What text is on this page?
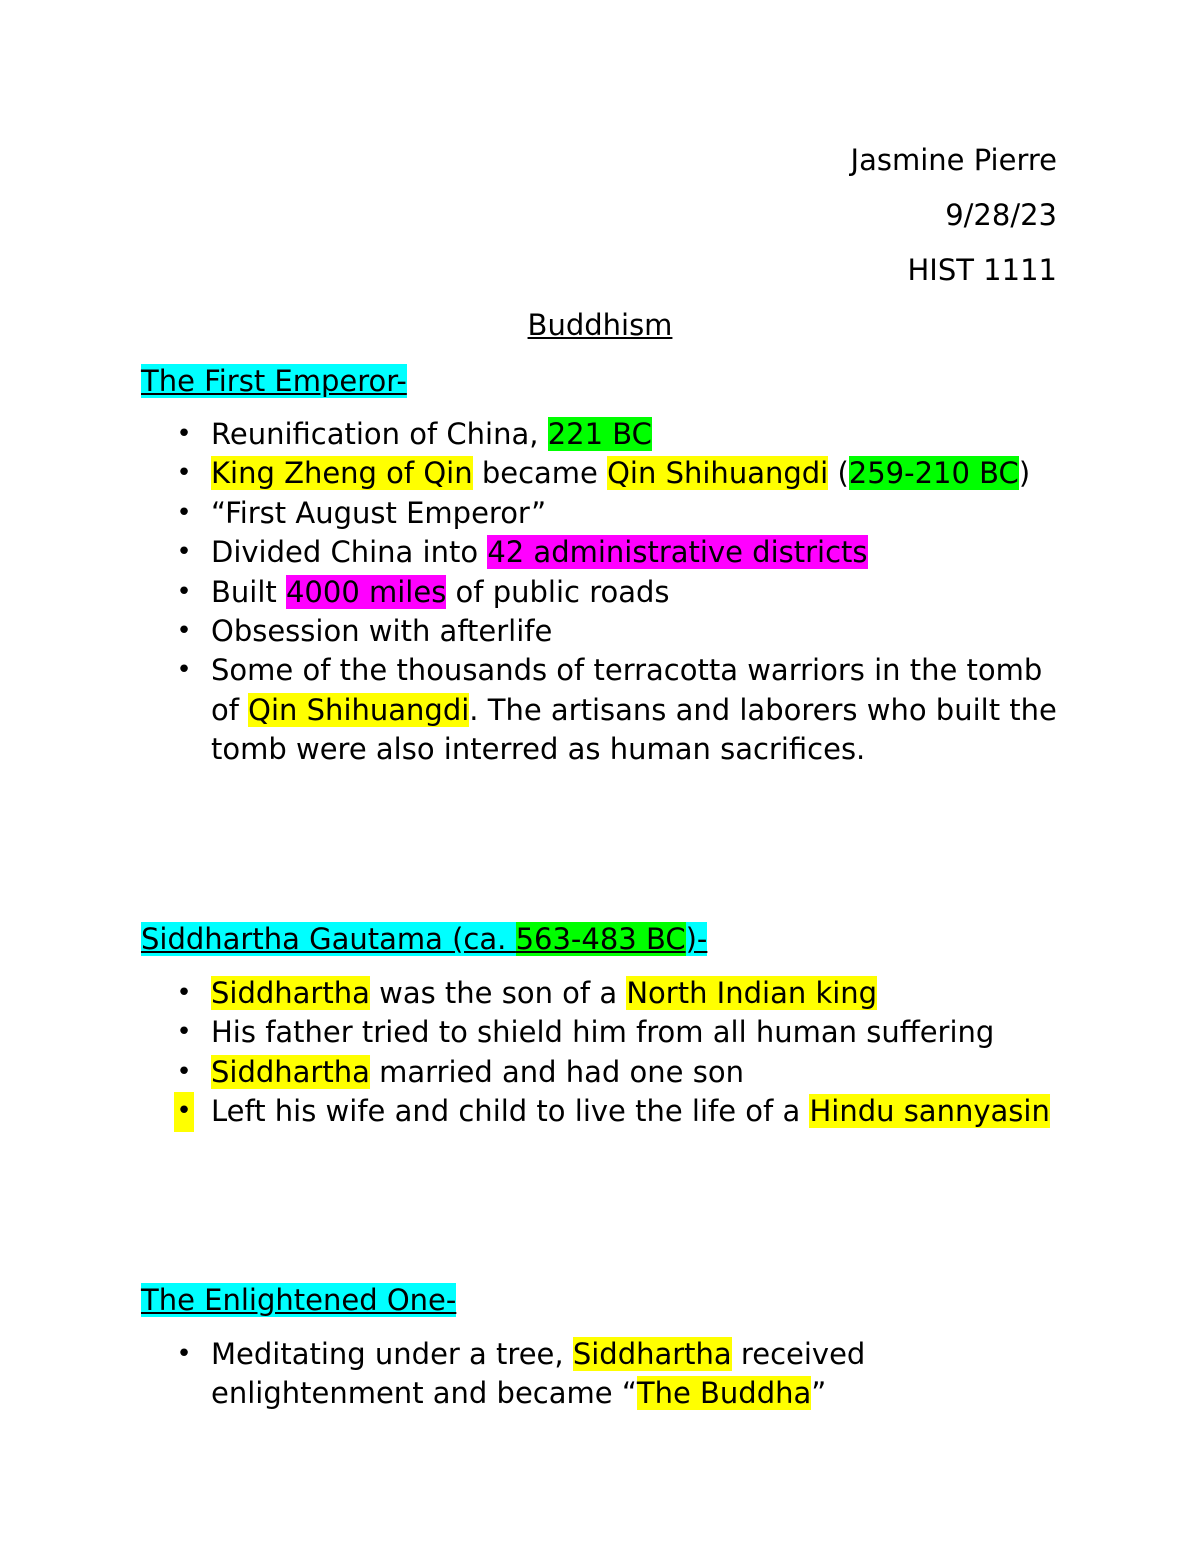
Jasmine Pierre
9/28/23
HIST 1111
Buddhism
The First Emperor-
• Reunification of China, 221 BC
• King Zheng of Qin became Qin Shihuangdi (259-210 BC)
• “First August Emperor”
• Divided China into 42 administrative districts
• Built 4000 miles of public roads
• Obsession with afterlife
• Some of the thousands of terracotta warriors in the tomb of Qin Shihuangdi. The artisans and laborers who built the tomb were also interred as human sacrifices.
Siddhartha Gautama (ca. 563-483 BC)-
• Siddhartha was the son of a North Indian king
• His father tried to shield him from all human suffering
• Siddhartha married and had one son
• Left his wife and child to live the life of a Hindu sannyasin
The Enlightened One-
• Meditating under a tree, Siddhartha received enlightenment and became “The Buddha”
